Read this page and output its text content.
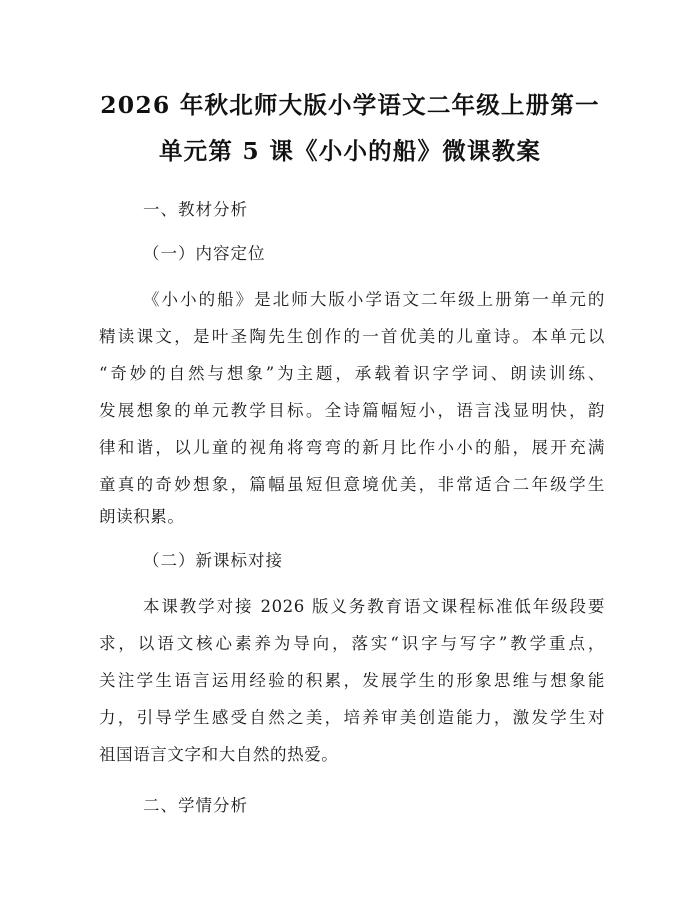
2026 年秋北师大版小学语文二年级上册第一
单元第 5 课《小小的船》微课教案
一、教材分析
（一）内容定位
《小小的船》是北师大版小学语文二年级上册第一单元的
精读课文，是叶圣陶先生创作的一首优美的儿童诗。本单元以
“奇妙的自然与想象”为主题，承载着识字学词、朗读训练、
发展想象的单元教学目标。全诗篇幅短小，语言浅显明快，韵
律和谐，以儿童的视角将弯弯的新月比作小小的船，展开充满
童真的奇妙想象，篇幅虽短但意境优美，非常适合二年级学生
朗读积累。
（二）新课标对接
本课教学对接 2026 版义务教育语文课程标准低年级段要
求，以语文核心素养为导向，落实“识字与写字”教学重点，
关注学生语言运用经验的积累，发展学生的形象思维与想象能
力，引导学生感受自然之美，培养审美创造能力，激发学生对
祖国语言文字和大自然的热爱。
二、学情分析
